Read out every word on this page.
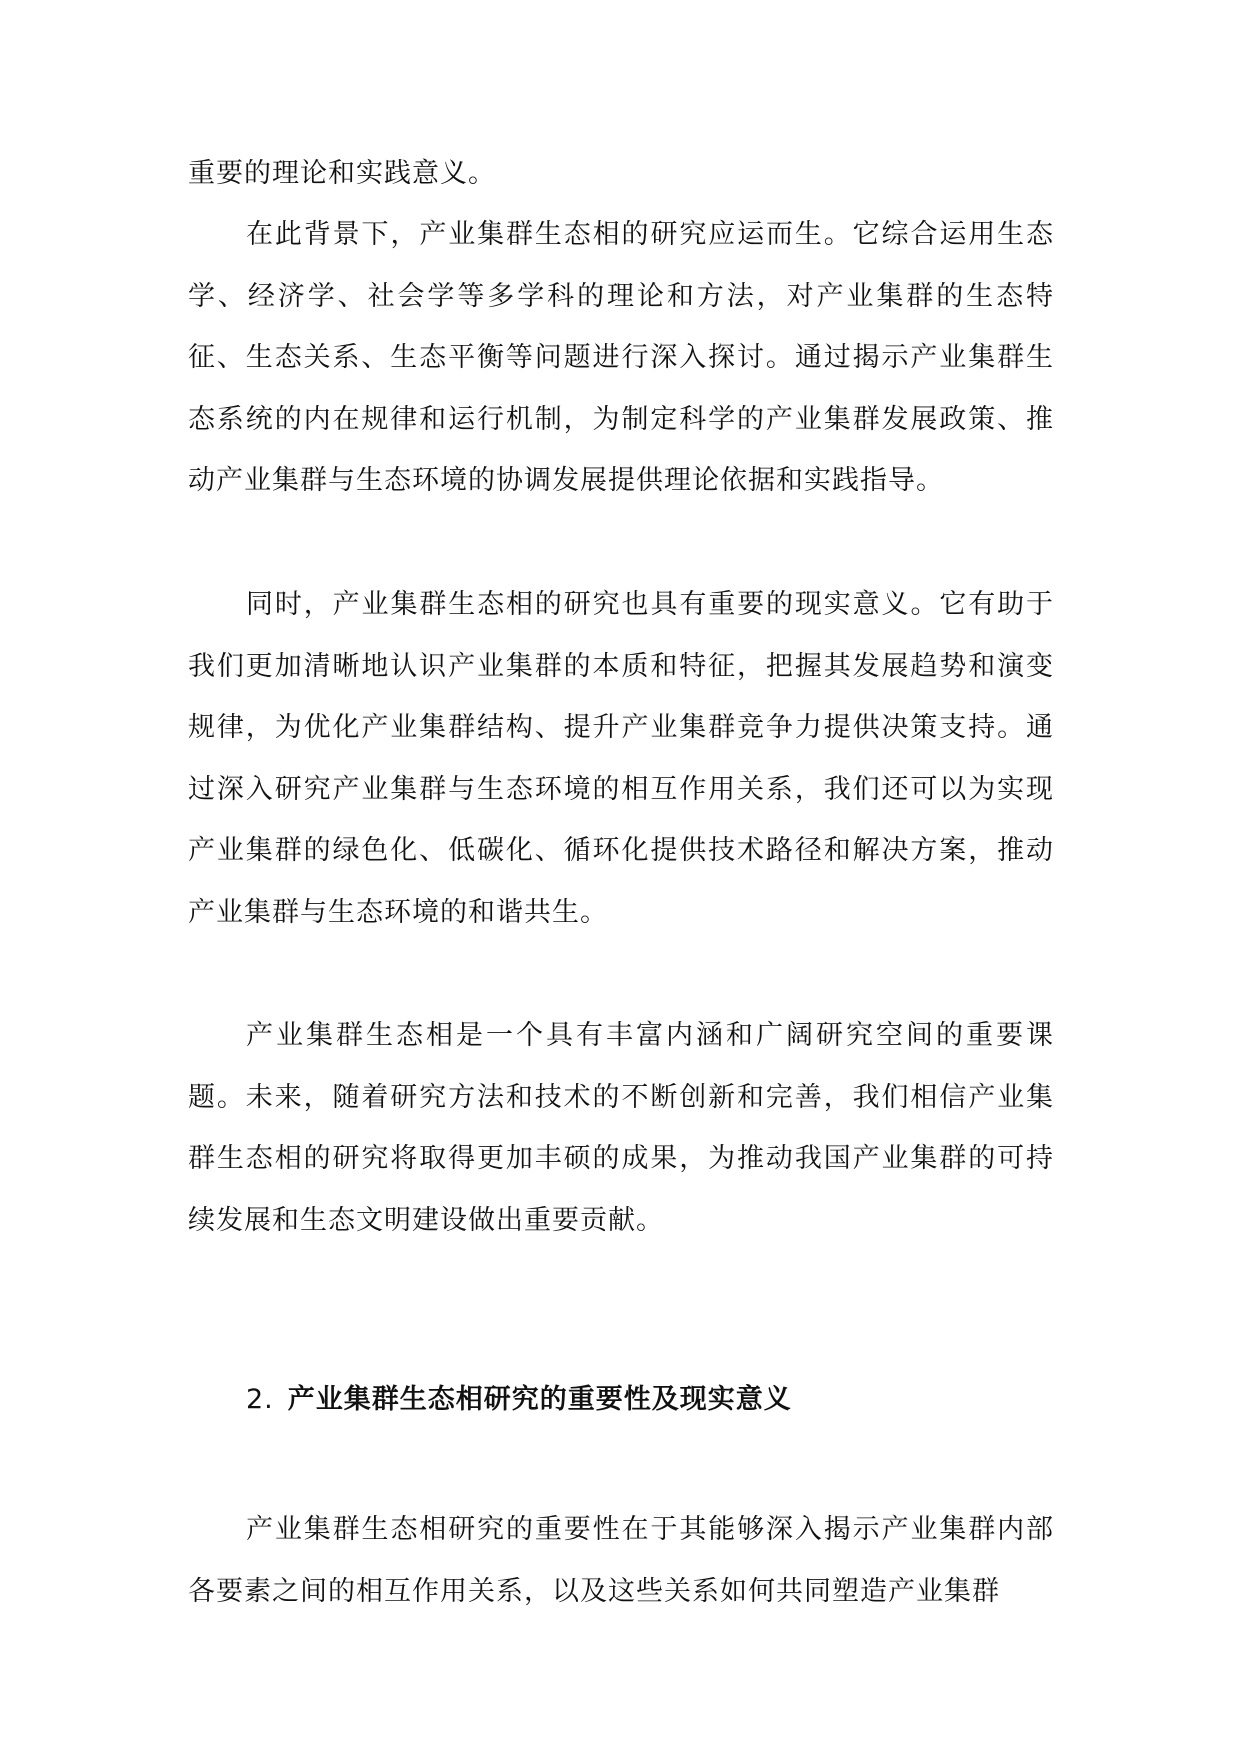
重要的理论和实践意义。

在此背景下，产业集群生态相的研究应运而生。它综合运用生态学、经济学、社会学等多学科的理论和方法，对产业集群的生态特征、生态关系、生态平衡等问题进行深入探讨。通过揭示产业集群生态系统的内在规律和运行机制，为制定科学的产业集群发展政策、推动产业集群与生态环境的协调发展提供理论依据和实践指导。

同时，产业集群生态相的研究也具有重要的现实意义。它有助于我们更加清晰地认识产业集群的本质和特征，把握其发展趋势和演变规律，为优化产业集群结构、提升产业集群竞争力提供决策支持。通过深入研究产业集群与生态环境的相互作用关系，我们还可以为实现产业集群的绿色化、低碳化、循环化提供技术路径和解决方案，推动产业集群与生态环境的和谐共生。

产业集群生态相是一个具有丰富内涵和广阔研究空间的重要课题。未来，随着研究方法和技术的不断创新和完善，我们相信产业集群生态相的研究将取得更加丰硕的成果，为推动我国产业集群的可持续发展和生态文明建设做出重要贡献。

2. 产业集群生态相研究的重要性及现实意义

产业集群生态相研究的重要性在于其能够深入揭示产业集群内部各要素之间的相互作用关系，以及这些关系如何共同塑造产业集群
